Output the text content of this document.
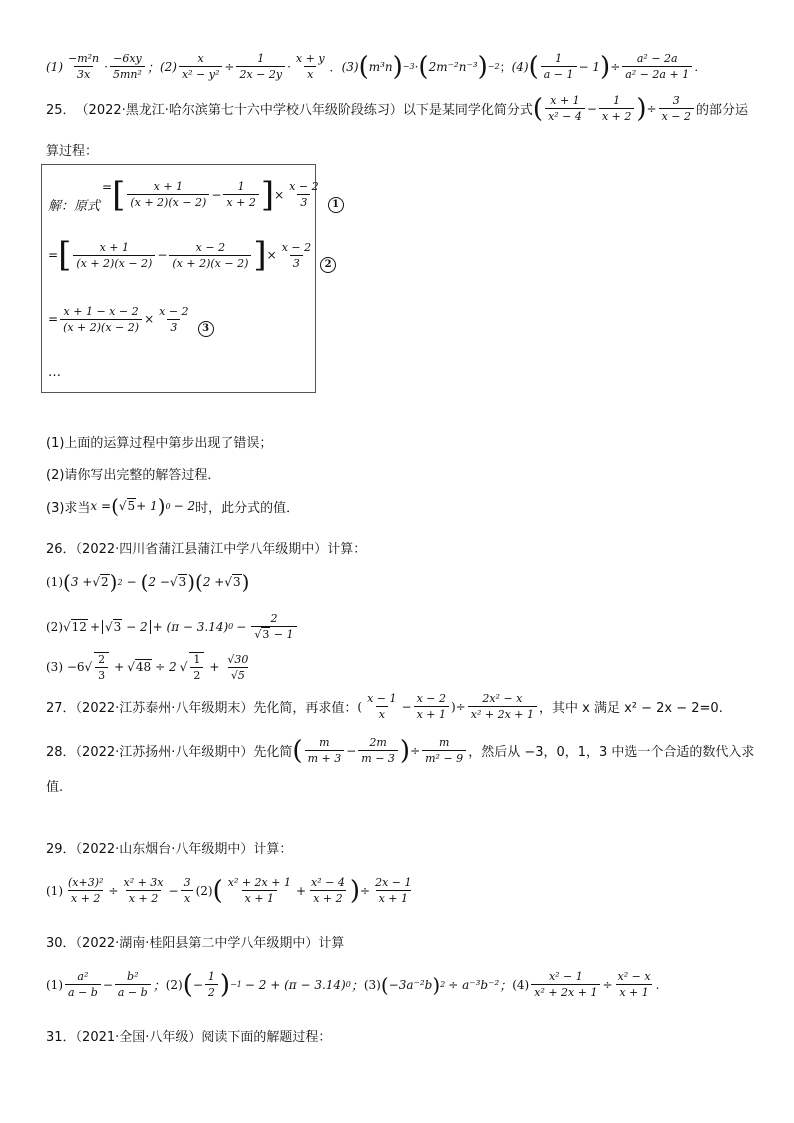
$(1) \frac{\text{−m²n}}{3x} \cdot \frac{-6xy}{\text{5mn²}}$ ； $(2) \frac{x}{\text{x² − y²}} \div \frac{1}{2x - 2y} \cdot \frac{x + y}{x}$ ． (3) ( m³n ) −3 · ( 2m⁻²n⁻³ ) −2 ； (4) ( $\frac{1}{a - 1} - 1$ ) ÷ $\frac{\text{a² − 2a}}{\text{a² − 2a + 1}}$ ．
25． （2022·黑龙江·哈尔滨第七十六中学校八年级阶段练习）以下是某同学化简分式 ( $\frac{x + 1}{\text{x² − 4}} - \frac{1}{x + 2}$ ) ÷ $\frac{3}{x - 2}$ 的部分运
算过程：
解：原式
= [ $\frac{x + 1}{(x + 2)(x - 2)} - \frac{1}{x + 2}$ ] × $\frac{x - 2}{3}$	1
= [ $\frac{x + 1}{(x + 2)(x - 2)} - \frac{x - 2}{(x + 2)(x - 2)}$ ] × $\frac{x - 2}{3}$	2
= $\frac{x + 1 - x - 2}{(x + 2)(x - 2)} \times \frac{x - 2}{3}$	3
…
(1)上面的运算过程中第步出现了错误；
(2)请你写出完整的解答过程．
(3)求当 x = ( √5 + 1 ) 0 − 2 时，此分式的值．
26．（2022·四川省蒲江县蒲江中学八年级期中）计算：
(1) ( 3 + √2 ) 2 − ( 2 − √3 ) ( 2 + √3 )
(2) √12 + √3 − 2 + (π − 3.14) $0 - \frac{2}{√3 - 1}$
(3) −6 √ $\frac{2}{3} + √48 \div 2$ √ $\frac{1}{2} + \frac{√30}{√5}$
27．（2022·江苏泰州·八年级期末）先化简，再求值： ( $\frac{x - 1}{x} - \frac{x - 2}{x + 1}$ )÷ $\frac{\text{2x² − x}}{\text{x² + 2x + 1}}$ ，其中 x 满足 x² − 2x − 2=0.
28．（2022·江苏扬州·八年级期中）先化简 ( $\frac{m}{m + 3} - \frac{2m}{m - 3}$ ) ÷ $\frac{m}{\text{m² − 9}}$ ，然后从 −3，0，1，3 中选一个合适的数代入求
值.
29．（2022·山东烟台·八年级期中）计算：
$(1) \frac{\text{(x+3)²}}{x + 2} \div \frac{\text{x² + 3x}}{x + 2} - \frac{3}{x} (2)$ ( $\frac{\text{x² + 2x + 1}}{x + 1} + \frac{\text{x² − 4}}{x + 2}$ ) ÷ $\frac{2x - 1}{x + 1}$
30．（2022·湖南·桂阳县第二中学八年级期中）计算
$(1) \frac{\text{a²}}{a - b} - \frac{\text{b²}}{a - b}$ ； (2) ( − $\frac{1}{2}$ ) −1 − 2 + (π − 3.14) 0 ； (3) ( −3a⁻²b ) 2 ÷ a⁻³b⁻² ； $(4) \frac{\text{x² − 1}}{\text{x² + 2x + 1}} \div \frac{\text{x² − x}}{x + 1}$ .
31．（2021·全国·八年级）阅读下面的解题过程：
